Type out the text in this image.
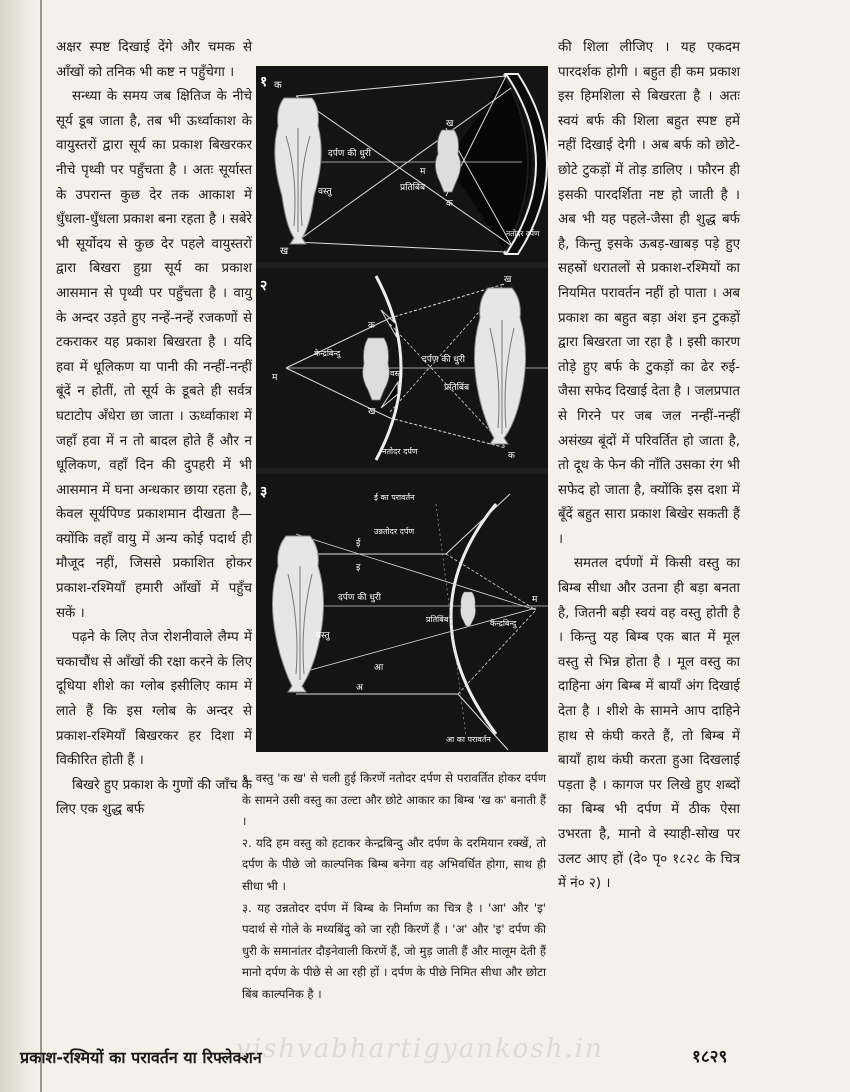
अक्षर स्पष्ट दिखाई देंगे और चमक से आँखों को तनिक भी कष्ट न पहुँचेगा ।

सन्ध्या के समय जब क्षितिज के नीचे सूर्य डूब जाता है, तब भी ऊर्ध्वाकाश के वायुस्तरों द्वारा सूर्य का प्रकाश बिखरकर नीचे पृथ्वी पर पहुँचता है । अतः सूर्यास्त के उपरान्त कुछ देर तक आकाश में धुँधला-धुँधला प्रकाश बना रहता है । सबेरे भी सूर्योदय से कुछ देर पहले वायुस्तरों द्वारा बिखरा हुग्रा सूर्य का प्रकाश आसमान से पृथ्वी पर पहुँचता है । वायु के अन्दर उड़ते हुए नन्हें-नन्हें रजकणों से टकराकर यह प्रकाश बिखरता है । यदि हवा में धूलिकण या पानी की नन्हीं-नन्हीं बूंदें न होतीं, तो सूर्य के डूबते ही सर्वत्र घटाटोप अँधेरा छा जाता । ऊर्ध्वाकाश में जहाँ हवा में न तो बादल होते हैं और न धूलिकण, वहाँ दिन की दुपहरी में भी आसमान में घना अन्धकार छाया रहता है, केवल सूर्यपिण्ड प्रकाशमान दीखता है—क्योंकि वहाँ वायु में अन्य कोई पदार्थ ही मौजूद नहीं, जिससे प्रकाशित होकर प्रकाश-रश्मियाँ हमारी आँखों में पहुँच सकें ।

पढ़ने के लिए तेज रोशनीवाले लैम्प में चकाचौंध से आँखों की रक्षा करने के लिए दूधिया शीशे का ग्लोब इसीलिए काम में लाते हैं कि इस ग्लोब के अन्दर से प्रकाश-रश्मियाँ बिखरकर हर दिशा में विकीरित होती हैं ।

बिखरे हुए प्रकाश के गुणों की जाँच के लिए एक शुद्ध बर्फ

क
ख
१
दर्पण की धुरी
वस्तु	प्रतिबिंब
ख
क
म
नतोदर दर्पण
२
क
ख
केन्द्रबिन्दु
वस्तु
दर्पण की धुरी
म
प्रतिबिंब
नतोदर दर्पण
ख
क
३	ई का परावर्तन
ई
उन्नतोदर दर्पण
इ
दर्पण की धुरी
प्रतिबिंब	केन्द्रबिन्दु
म
वस्तु
आ
अ
आ का परावर्तन

१. वस्तु 'क ख' से चली हुई किरणें नतोदर दर्पण से परावर्तित होकर दर्पण के सामने उसी वस्तु का उल्टा और छोटे आकार का बिम्ब 'ख क' बनाती हैं ।

२. यदि हम वस्तु को हटाकर केन्द्रबिन्दु और दर्पण के दरमियान रक्खें, तो दर्पण के पीछे जो काल्पनिक बिम्ब बनेगा वह अभिवर्धित होगा, साथ ही सीधा भी ।

३. यह उन्नतोदर दर्पण में बिम्ब के निर्माण का चित्र है । 'आ' और 'इ' पदार्थ से गोले के मध्यबिंदु को जा रही किरणें हैं । 'अ' और 'इ' दर्पण की धुरी के समानांतर दौड़नेवाली किरणें हैं, जो मुड़ जाती हैं और मालूम देती हैं मानो दर्पण के पीछे से आ रही हों । दर्पण के पीछे निमित सीधा और छोटा बिंब काल्पनिक है ।

की शिला लीजिए । यह एकदम पारदर्शक होगी । बहुत ही कम प्रकाश इस हिमशिला से बिखरता है । अतः स्वयं बर्फ की शिला बहुत स्पष्ट हमें नहीं दिखाई देगी । अब बर्फ को छोटे-छोटे टुकड़ों में तोड़ डालिए । फौरन ही इसकी पारदर्शिता नष्ट हो जाती है । अब भी यह पहले-जैसा ही शुद्ध बर्फ है, किन्तु इसके ऊबड़-खाबड़ पड़े हुए सहस्रों धरातलों से प्रकाश-रश्मियों का नियमित परावर्तन नहीं हो पाता । अब प्रकाश का बहुत बड़ा अंश इन टुकड़ों द्वारा बिखरता जा रहा है । इसी कारण तोड़े हुए बर्फ के टुकड़ों का ढेर रुई-जैसा सफेद दिखाई देता है । जलप्रपात से गिरने पर जब जल नन्हीं-नन्हीं असंख्य बूंदों में परिवर्तित हो जाता है, तो दूध के फेन की नाँति उसका रंग भी सफेद हो जाता है, क्योंकि इस दशा में बूँदें बहुत सारा प्रकाश बिखेर सकती हैं ।

समतल दर्पणों में किसी वस्तु का बिम्ब सीधा और उतना ही बड़ा बनता है, जितनी बड़ी स्वयं वह वस्तु होती है । किन्तु यह बिम्ब एक बात में मूल वस्तु से भिन्न होता है । मूल वस्तु का दाहिना अंग बिम्ब में बायाँ अंग दिखाई देता है । शीशे के सामने आप दाहिने हाथ से कंघी करते हैं, तो बिम्ब में बायाँ हाथ कंघी करता हुआ दिखलाई पड़ता है । कागज पर लिखे हुए शब्दों का बिम्ब भी दर्पण में ठीक ऐसा उभरता है, मानो वे स्याही-सोख पर उलट आए हों (दे० पृ० १८२८ के चित्र में नं० २) ।

प्रकाश-रश्मियों का परावर्तन या रिफ्लेक्शन
vishvabhartigyankosh.in	१८२९
